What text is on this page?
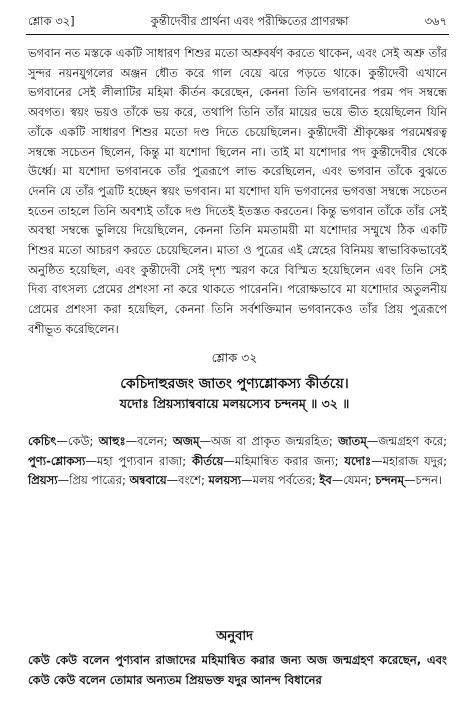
শ্লোক ৩২]	কুন্তীদেবীর প্রার্থনা এবং পরীক্ষিতের প্রাণরক্ষা	৩৬৭

ভগবান নত মস্তকে একটি সাধারণ শিশুর মতো অশ্রুবর্ষণ করতে থাকেন, এবং সেই অশ্রু তাঁর সুন্দর নয়নযুগলের অঞ্জন ধৌত করে গাল বেয়ে ঝরে পড়তে থাকে। কুন্তীদেবী এখানে ভগবানের সেই লীলাটির মহিমা কীর্তন করেছেন, কেননা তিনি ভগবানের পরম পদ সম্বন্ধে অবগত। স্বয়ং ভয়ও তাঁকে ভয় করে, তথাপি তিনি তাঁর মায়ের ভয়ে ভীত হয়েছিলেন যিনি তাঁকে একটি সাধারণ শিশুর মতো দণ্ড দিতে চেয়েছিলেন। কুন্তীদেবী শ্রীকৃষ্ণের পরমেশ্বরত্ব সম্বন্ধে সচেতন ছিলেন, কিন্তু মা যশোদা ছিলেন না। তাই মা যশোদার পদ কুন্তীদেবীর থেকে উর্ধ্বে। মা যশোদা ভগবানকে তাঁর পুত্ররূপে লাভ করেছিলেন, এবং ভগবান তাঁকে বুঝতে দেননি যে তাঁর পুত্রটি হচ্ছেন স্বয়ং ভগবান। মা যশোদা যদি ভগবানের ভগবত্তা সম্বন্ধে সচেতন হতেন তাহলে তিনি অবশ্যই তাঁকে দণ্ড দিতেই ইতস্তত করতেন। কিন্তু ভগবান তাঁকে তাঁর সেই অবস্থা সম্বন্ধে ভুলিয়ে দিয়েছিলেন, কেননা তিনি মমতাময়ী মা যশোদার সম্মুখে ঠিক একটি শিশুর মতো আচরণ করতে চেয়েছিলেন। মাতা ও পুত্রের এই স্নেহের বিনিময় স্বাভাবিকভাবেই অনুষ্ঠিত হয়েছিল, এবং কুন্তীদেবী সেই দৃশ্য স্মরণ করে বিস্মিত হয়েছিলেন এবং তিনি সেই দিব্য বাৎসল্য প্রেমের প্রশংসা না করে থাকতে পারেননি। পরোক্ষভাবে মা যশোদার অতুলনীয় প্রেমের প্রশংসা করা হয়েছিল, কেননা তিনি সর্বশক্তিমান ভগবানকেও তাঁর প্রিয় পুত্ররূপে বশীভূত করেছিলেন।

শ্লোক ৩২
কেচিদাহুরজং জাতং পুণ্যশ্লোকস্য কীর্তয়ে।
যদোঃ প্রিয়স্যান্ববায়ে মলয়স্যেব চন্দনম্ ॥ ৩২ ॥

কেচিৎ—কেউ; আহুঃ—বলেন; অজম্—অজ বা প্রাকৃত জন্মরহিত; জাতম্—জন্মগ্রহণ করে; পুণ্য-শ্লোকস্য—মহা পুণ্যবান রাজা; কীর্তয়ে—মহিমান্বিত করার জন্য; যদোঃ—মহারাজ যদুর; প্রিয়স্য—প্রিয় পাত্রের; অন্ববায়ে—বংশে; মলয়স্য—মলয় পর্বতের; ইব—যেমন; চন্দনম্—চন্দন।

অনুবাদ

কেউ কেউ বলেন পুণ্যবান রাজাদের মহিমান্বিত করার জন্য অজ জন্মগ্রহণ করেছেন, এবং কেউ কেউ বলেন তোমার অন্যতম প্রিয়ভক্ত যদুর আনন্দ বিধানের
